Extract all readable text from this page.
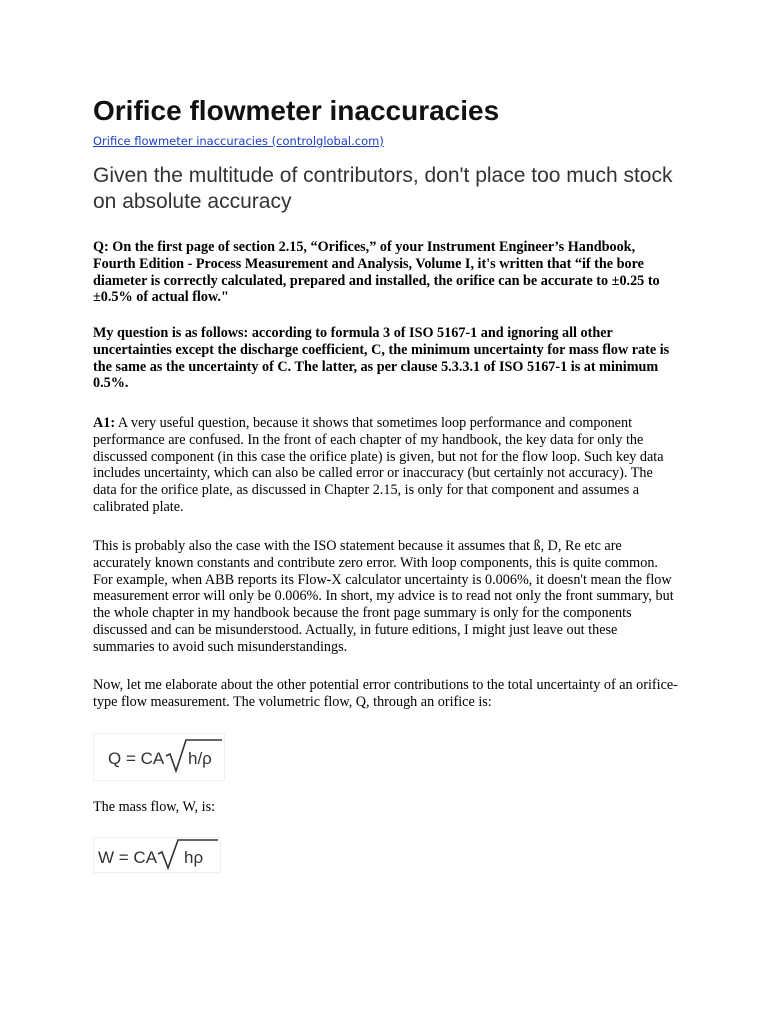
Orifice flowmeter inaccuracies
Orifice flowmeter inaccuracies (controlglobal.com)
Given the multitude of contributors, don't place too much stock on absolute accuracy

Q: On the first page of section 2.15, “Orifices,” of your Instrument Engineer’s Handbook, Fourth Edition - Process Measurement and Analysis, Volume I, it's written that “if the bore diameter is correctly calculated, prepared and installed, the orifice can be accurate to ±0.25 to ±0.5% of actual flow."

My question is as follows: according to formula 3 of ISO 5167-1 and ignoring all other uncertainties except the discharge coefficient, C, the minimum uncertainty for mass flow rate is the same as the uncertainty of C. The latter, as per clause 5.3.3.1 of ISO 5167-1 is at minimum 0.5%.

A1: A very useful question, because it shows that sometimes loop performance and component performance are confused. In the front of each chapter of my handbook, the key data for only the discussed component (in this case the orifice plate) is given, but not for the flow loop. Such key data includes uncertainty, which can also be called error or inaccuracy (but certainly not accuracy). The data for the orifice plate, as discussed in Chapter 2.15, is only for that component and assumes a calibrated plate.

This is probably also the case with the ISO statement because it assumes that ß, D, Re etc are accurately known constants and contribute zero error. With loop components, this is quite common. For example, when ABB reports its Flow-X calculator uncertainty is 0.006%, it doesn't mean the flow measurement error will only be 0.006%. In short, my advice is to read not only the front summary, but the whole chapter in my handbook because the front page summary is only for the components discussed and can be misunderstood. Actually, in future editions, I might just leave out these summaries to avoid such misunderstandings.

Now, let me elaborate about the other potential error contributions to the total uncertainty of an orifice-type flow measurement. The volumetric flow, Q, through an orifice is:

Q = CA h/ρ

The mass flow, W, is:

W = CA hρ
